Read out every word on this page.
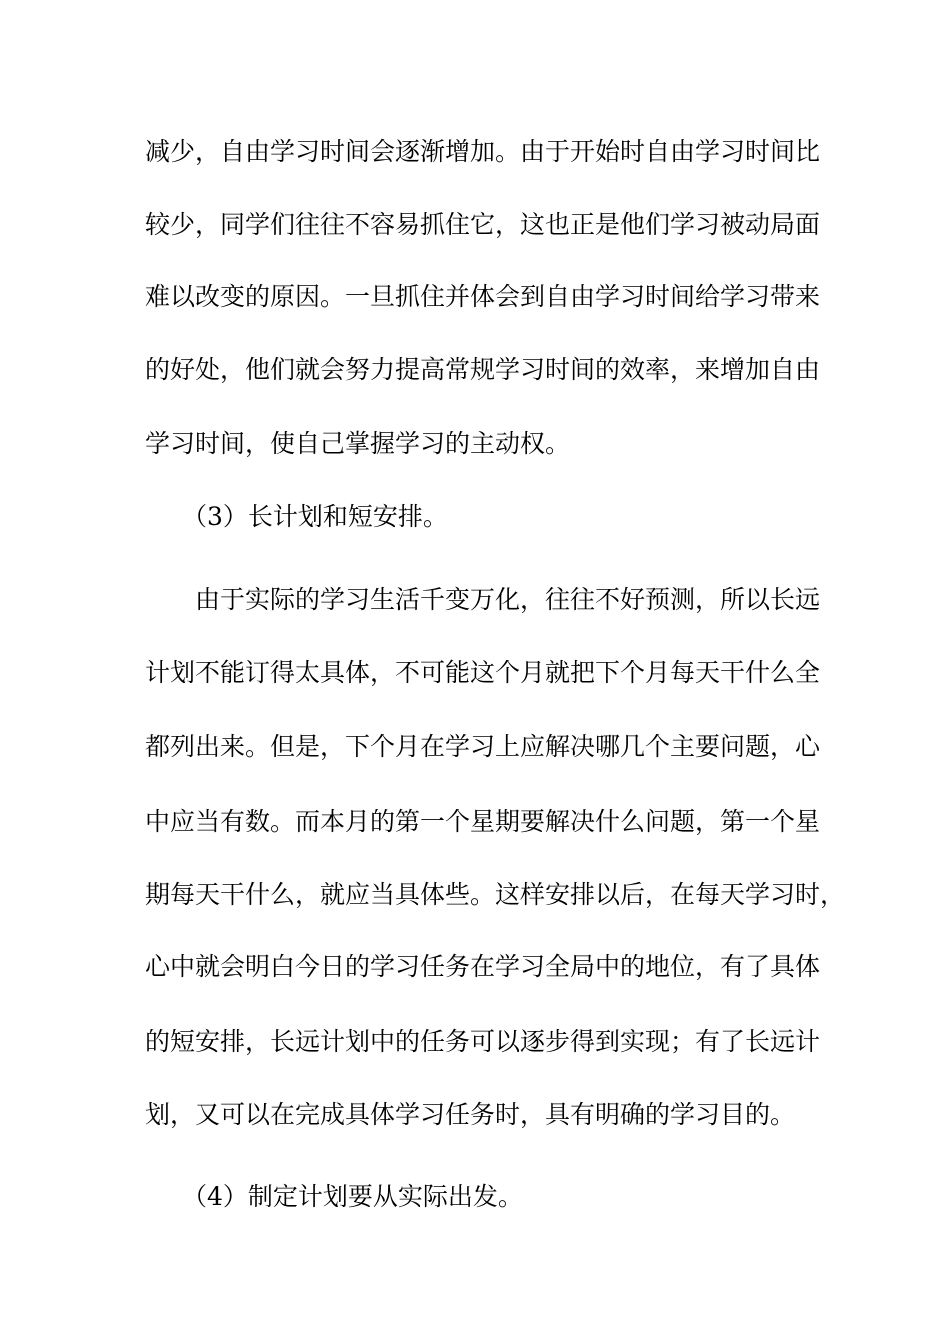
减少，自由学习时间会逐渐增加。由于开始时自由学习时间比
较少，同学们往往不容易抓住它，这也正是他们学习被动局面
难以改变的原因。一旦抓住并体会到自由学习时间给学习带来
的好处，他们就会努力提高常规学习时间的效率，来增加自由
学习时间，使自己掌握学习的主动权。
（3）长计划和短安排。
由于实际的学习生活千变万化，往往不好预测，所以长远
计划不能订得太具体，不可能这个月就把下个月每天干什么全
都列出来。但是，下个月在学习上应解决哪几个主要问题，心
中应当有数。而本月的第一个星期要解决什么问题，第一个星
期每天干什么，就应当具体些。这样安排以后，在每天学习时，
心中就会明白今日的学习任务在学习全局中的地位，有了具体
的短安排，长远计划中的任务可以逐步得到实现；有了长远计
划，又可以在完成具体学习任务时，具有明确的学习目的。
（4）制定计划要从实际出发。
